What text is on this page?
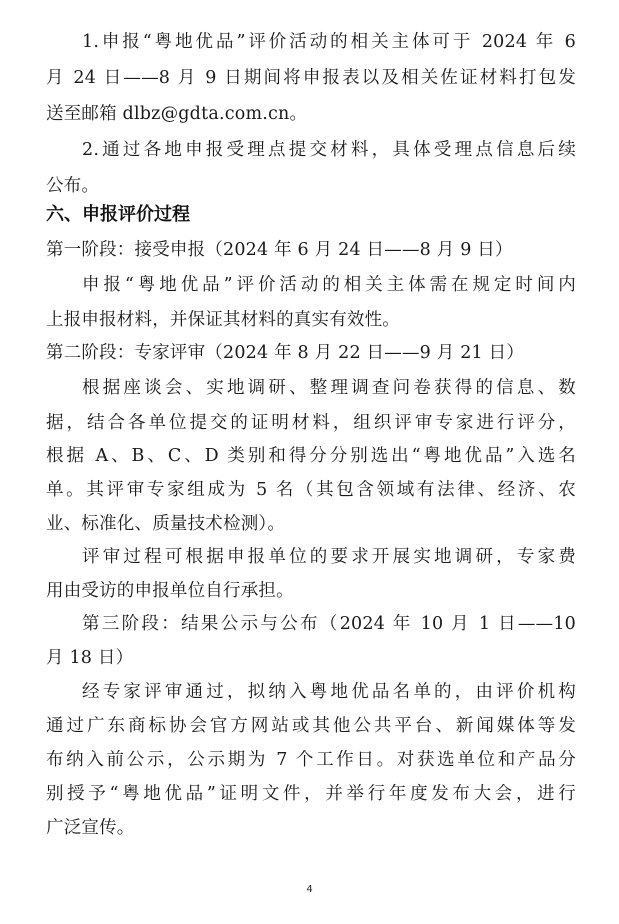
1.申报“粤地优品”评价活动的相关主体可于 2024 年 6
月 24 日——8 月 9 日期间将申报表以及相关佐证材料打包发
送至邮箱 dlbz@gdta.com.cn。
2.通过各地申报受理点提交材料，具体受理点信息后续
公布。
六、申报评价过程
第一阶段：接受申报（2024 年 6 月 24 日——8 月 9 日）
申报“粤地优品”评价活动的相关主体需在规定时间内
上报申报材料，并保证其材料的真实有效性。
第二阶段：专家评审（2024 年 8 月 22 日——9 月 21 日）
根据座谈会、实地调研、整理调查问卷获得的信息、数
据，结合各单位提交的证明材料，组织评审专家进行评分，
根据 A、B、C、D 类别和得分分别选出“粤地优品”入选名
单。其评审专家组成为 5 名（其包含领域有法律、经济、农
业、标准化、质量技术检测）。
评审过程可根据申报单位的要求开展实地调研，专家费
用由受访的申报单位自行承担。
第三阶段：结果公示与公布（2024 年 10 月 1 日——10
月 18 日）
经专家评审通过，拟纳入粤地优品名单的，由评价机构
通过广东商标协会官方网站或其他公共平台、新闻媒体等发
布纳入前公示，公示期为 7 个工作日。对获选单位和产品分
别授予“粤地优品”证明文件，并举行年度发布大会，进行
广泛宣传。
4
